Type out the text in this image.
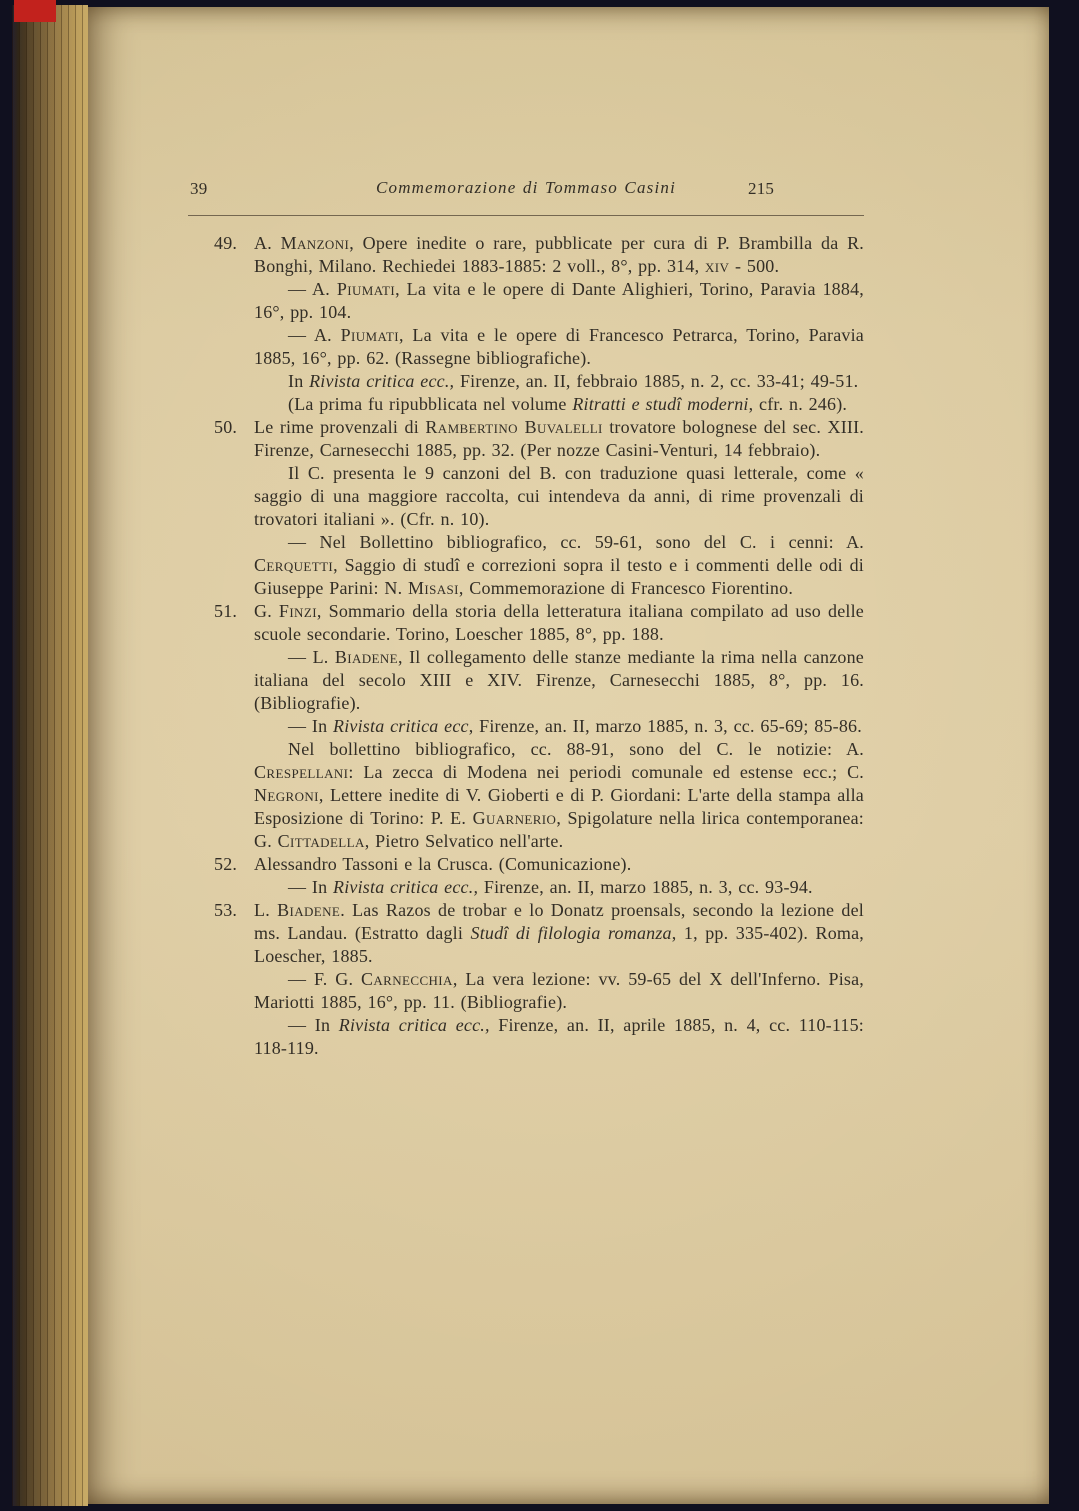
39	Commemorazione di Tommaso Casini	215
49. A. Manzoni, Opere inedite o rare, pubblicate per cura di P. Brambilla da R. Bonghi, Milano. Rechiedei 1883-1885: 2 voll., 8°, pp. 314, xiv - 500.

— A. Piumati, La vita e le opere di Dante Alighieri, Torino, Paravia 1884, 16°, pp. 104.

— A. Piumati, La vita e le opere di Francesco Petrarca, Torino, Paravia 1885, 16°, pp. 62. (Rassegne bibliografiche).

In Rivista critica ecc., Firenze, an. II, febbraio 1885, n. 2, cc. 33-41; 49-51.

(La prima fu ripubblicata nel volume Ritratti e studî moderni, cfr. n. 246).

50. Le rime provenzali di Rambertino Buvalelli trovatore bolognese del sec. XIII. Firenze, Carnesecchi 1885, pp. 32. (Per nozze Casini-Venturi, 14 febbraio).

Il C. presenta le 9 canzoni del B. con traduzione quasi letterale, come « saggio di una maggiore raccolta, cui intendeva da anni, di rime provenzali di trovatori italiani ». (Cfr. n. 10).

— Nel Bollettino bibliografico, cc. 59-61, sono del C. i cenni: A. Cerquetti, Saggio di studî e correzioni sopra il testo e i commenti delle odi di Giuseppe Parini: N. Misasi, Commemorazione di Francesco Fiorentino.

51. G. Finzi, Sommario della storia della letteratura italiana compilato ad uso delle scuole secondarie. Torino, Loescher 1885, 8°, pp. 188.

— L. Biadene, Il collegamento delle stanze mediante la rima nella canzone italiana del secolo XIII e XIV. Firenze, Carnesecchi 1885, 8°, pp. 16. (Bibliografie).

— In Rivista critica ecc, Firenze, an. II, marzo 1885, n. 3, cc. 65-69; 85-86.

Nel bollettino bibliografico, cc. 88-91, sono del C. le notizie: A. Crespellani: La zecca di Modena nei periodi comunale ed estense ecc.; C. Negroni, Lettere inedite di V. Gioberti e di P. Giordani: L'arte della stampa alla Esposizione di Torino: P. E. Guarnerio, Spigolature nella lirica contemporanea: G. Cittadella, Pietro Selvatico nell'arte.

52. Alessandro Tassoni e la Crusca. (Comunicazione).

— In Rivista critica ecc., Firenze, an. II, marzo 1885, n. 3, cc. 93-94.

53. L. Biadene. Las Razos de trobar e lo Donatz proensals, secondo la lezione del ms. Landau. (Estratto dagli Studî di filologia romanza, 1, pp. 335-402). Roma, Loescher, 1885.

— F. G. Carnecchia, La vera lezione: vv. 59-65 del X dell'Inferno. Pisa, Mariotti 1885, 16°, pp. 11. (Bibliografie).

— In Rivista critica ecc., Firenze, an. II, aprile 1885, n. 4, cc. 110-115: 118-119.
